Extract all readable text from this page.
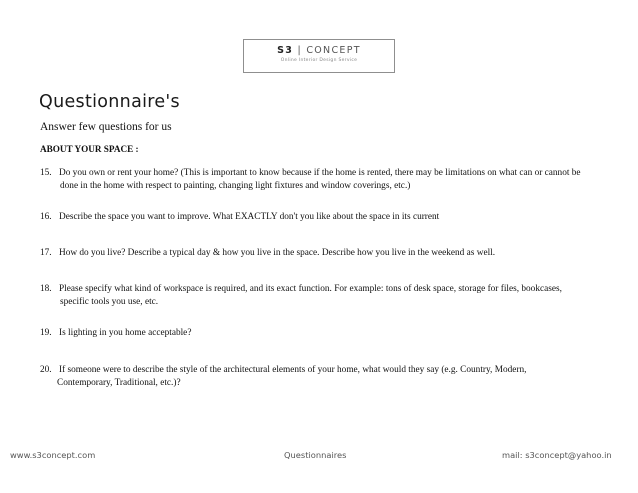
S3 | CONCEPT
Online Interior Design Service
Questionnaire's
Answer few questions for us
ABOUT YOUR SPACE :
15. Do you own or rent your home? (This is important to know because if the home is rented, there may be limitations on what can or cannot be
done in the home with respect to painting, changing light fixtures and window coverings, etc.)
16. Describe the space you want to improve. What EXACTLY don't you like about the space in its current
17. How do you live? Describe a typical day & how you live in the space. Describe how you live in the weekend as well.
18. Please specify what kind of workspace is required, and its exact function. For example: tons of desk space, storage for files, bookcases,
specific tools you use, etc.
19. Is lighting in you home acceptable?
20. If someone were to describe the style of the architectural elements of your home, what would they say (e.g. Country, Modern,
Contemporary, Traditional, etc.)?
www.s3concept.com	Questionnaires	mail: s3concept@yahoo.in
